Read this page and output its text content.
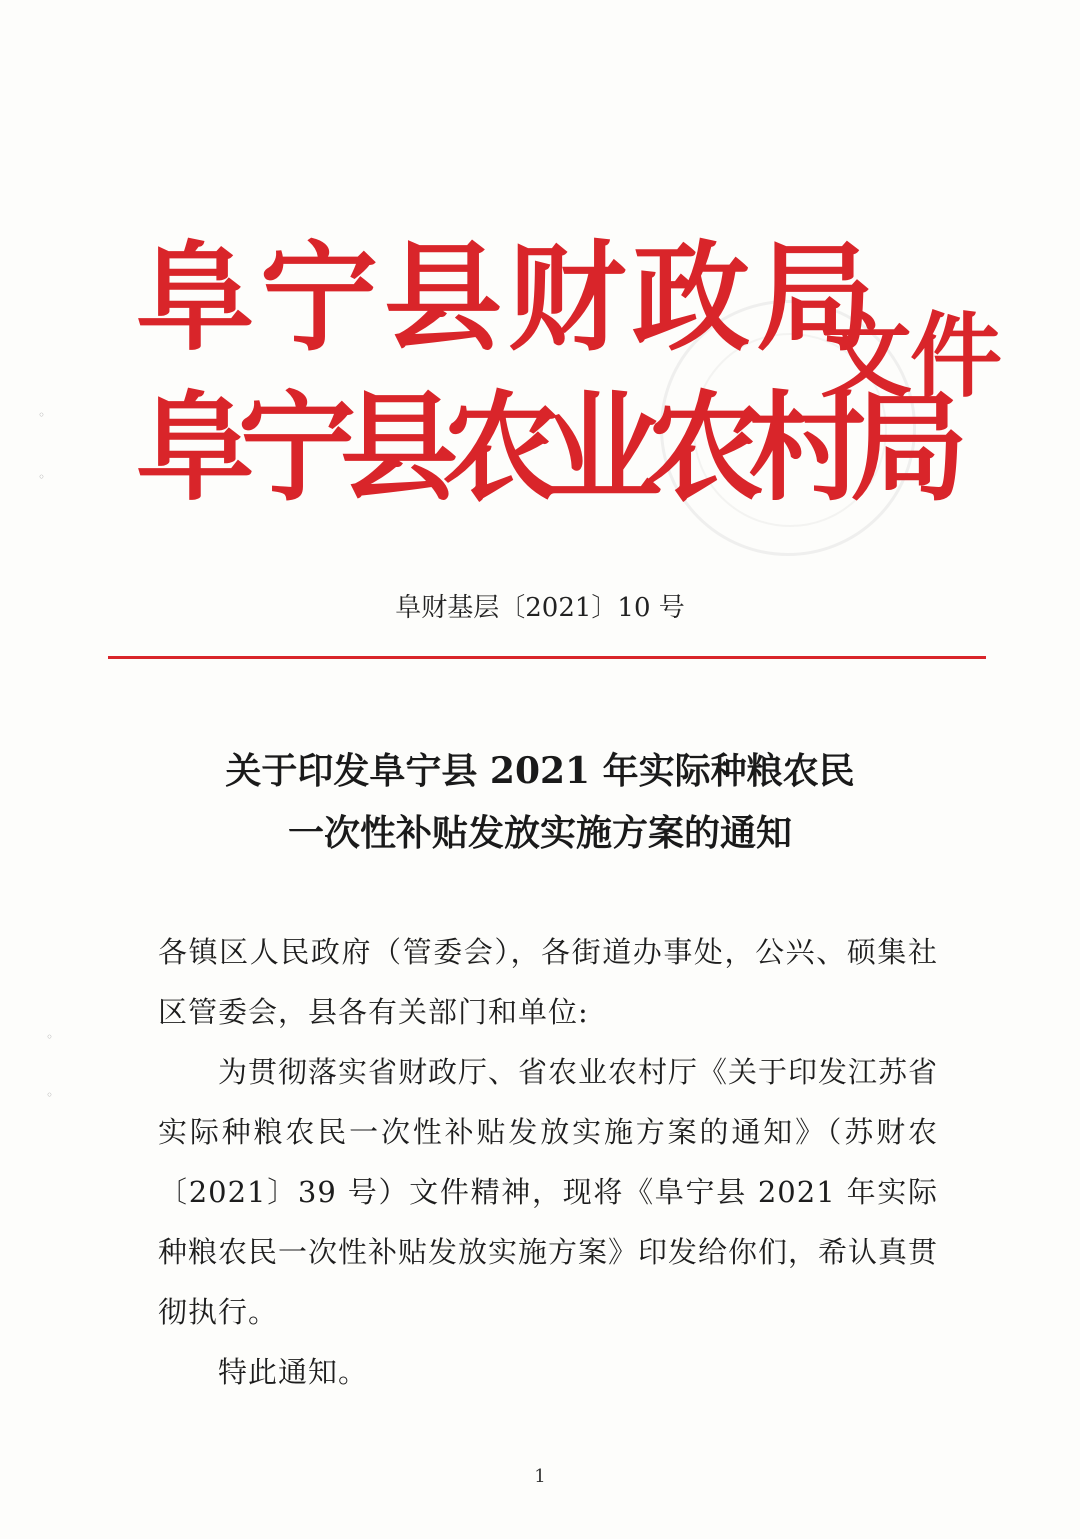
◦
◦
◦
◦
阜宁县财政局
阜宁县农业农村局
文件
阜财基层〔2021〕10 号
关于印发阜宁县 2021 年实际种粮农民
一次性补贴发放实施方案的通知

各镇区人民政府（管委会），各街道办事处，公兴、硕集社区管委会，县各有关部门和单位:

为贯彻落实省财政厅、省农业农村厅《关于印发江苏省实际种粮农民一次性补贴发放实施方案的通知》（苏财农〔2021〕39 号）文件精神，现将《阜宁县 2021 年实际种粮农民一次性补贴发放实施方案》印发给你们，希认真贯彻执行。

特此通知。

1
